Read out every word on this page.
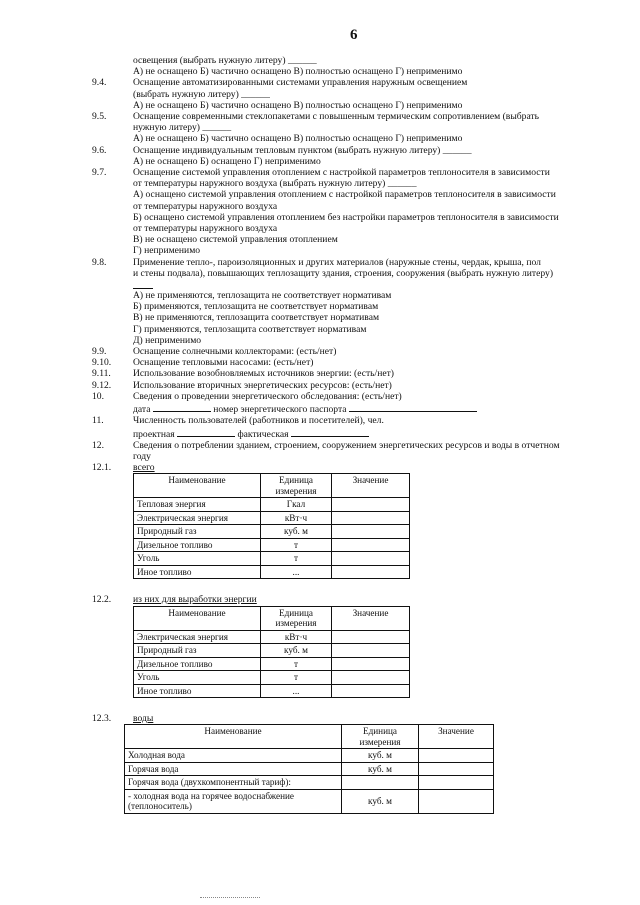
6
освещения (выбрать нужную литеру) ______
А) не оснащено Б) частично оснащено В) полностью оснащено Г) неприменимо
9.4.	Оснащение автоматизированными системами управления наружным освещением
(выбрать нужную литеру) ______
А) не оснащено Б) частично оснащено В) полностью оснащено Г) неприменимо
9.5.	Оснащение современными стеклопакетами с повышенным термическим сопротивлением (выбрать
нужную литеру) ______
А) не оснащено Б) частично оснащено В) полностью оснащено Г) неприменимо
9.6.	Оснащение индивидуальным тепловым пунктом (выбрать нужную литеру) ______
А) не оснащено Б) оснащено Г) неприменимо
9.7.	Оснащение системой управления отоплением с настройкой параметров теплоносителя в зависимости
от температуры наружного воздуха (выбрать нужную литеру) ______
А) оснащено системой управления отоплением с настройкой параметров теплоносителя в зависимости
от температуры наружного воздуха
Б) оснащено системой управления отоплением без настройки параметров теплоносителя в зависимости
от температуры наружного воздуха
В) не оснащено системой управления отоплением
Г) неприменимо
9.8.	Применение тепло-, пароизоляционных и других материалов (наружные стены, чердак, крыша, пол
и стены подвала), повышающих теплозащиту здания, строения, сооружения (выбрать нужную литеру)
А) не применяются, теплозащита не соответствует нормативам
Б) применяются, теплозащита не соответствует нормативам
В) не применяются, теплозащита соответствует нормативам
Г) применяются, теплозащита соответствует нормативам
Д) неприменимо
9.9.	Оснащение солнечными коллекторами: (есть/нет)
9.10.	Оснащение тепловыми насосами: (есть/нет)
9.11.	Использование возобновляемых источников энергии: (есть/нет)
9.12.	Использование вторичных энергетических ресурсов: (есть/нет)
10.	Сведения о проведении энергетического обследования: (есть/нет)
дата	номер энергетического паспорта
11.	Численность пользователей (работников и посетителей), чел.
проектная	фактическая
12.	Сведения о потреблении зданием, строением, сооружением энергетических ресурсов и воды в отчетном
году
12.1.	всего
Наименование	Единица измерения	Значение
Тепловая энергия	Гкал	
Электрическая энергия	кВт·ч	
Природный газ	куб. м	
Дизельное топливо	т	
Уголь	т	
Иное топливо	...	
12.2.	из них для выработки энергии
Наименование	Единица измерения	Значение
Электрическая энергия	кВт·ч	
Природный газ	куб. м	
Дизельное топливо	т	
Уголь	т	
Иное топливо	...	
12.3.	воды
Наименование	Единица измерения	Значение
Холодная вода	куб. м	
Горячая вода	куб. м	
Горячая вода (двухкомпонентный тариф):		
- холодная вода на горячее водоснабжение (теплоноситель)	куб. м	
